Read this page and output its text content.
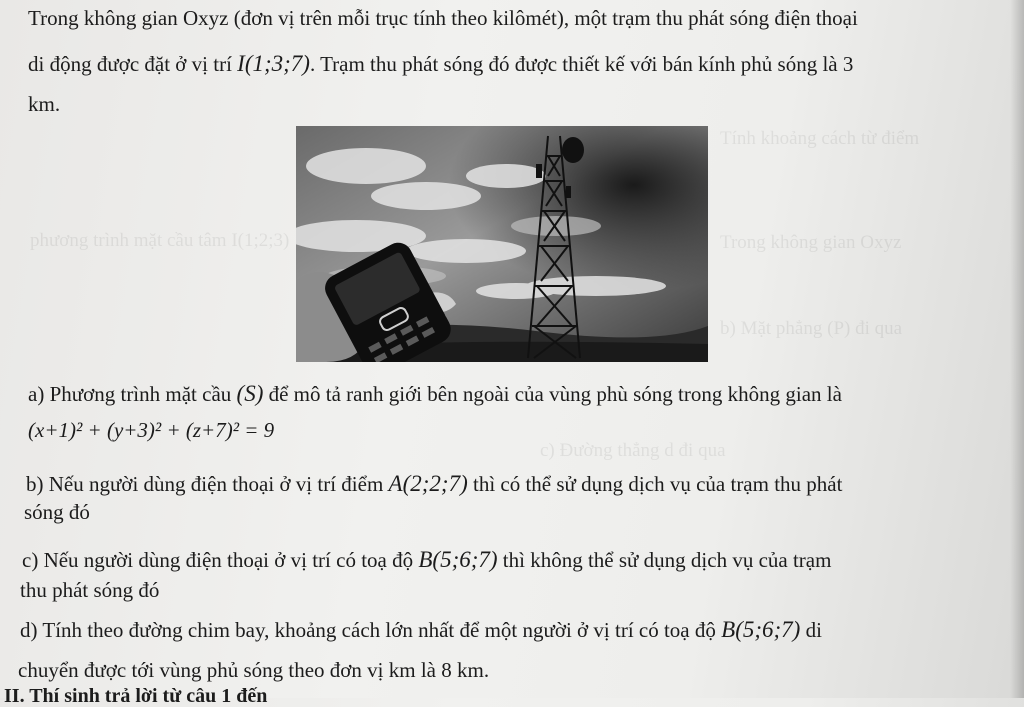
Tính khoảng cách từ điểm
phương trình mặt cầu tâm I(1;2;3)	Trong không gian Oxyz
b) Mặt phẳng (P) đi qua
c) Đường thẳng d đi qua
Trong không gian Oxyz (đơn vị trên mỗi trục tính theo kilômét), một trạm thu phát sóng điện thoại
di động được đặt ở vị trí I(1;3;7). Trạm thu phát sóng đó được thiết kế với bán kính phủ sóng là 3
km.
a) Phương trình mặt cầu (S) để mô tả ranh giới bên ngoài của vùng phù sóng trong không gian là
(x+1)² + (y+3)² + (z+7)² = 9
b) Nếu người dùng điện thoại ở vị trí điểm A(2;2;7) thì có thể sử dụng dịch vụ của trạm thu phát
sóng đó
c) Nếu người dùng điện thoại ở vị trí có toạ độ B(5;6;7) thì không thể sử dụng dịch vụ của trạm
thu phát sóng đó
d) Tính theo đường chim bay, khoảng cách lớn nhất để một người ở vị trí có toạ độ B(5;6;7) di
chuyển được tới vùng phủ sóng theo đơn vị km là 8 km.
II. Thí sinh trả lời từ câu 1 đến
